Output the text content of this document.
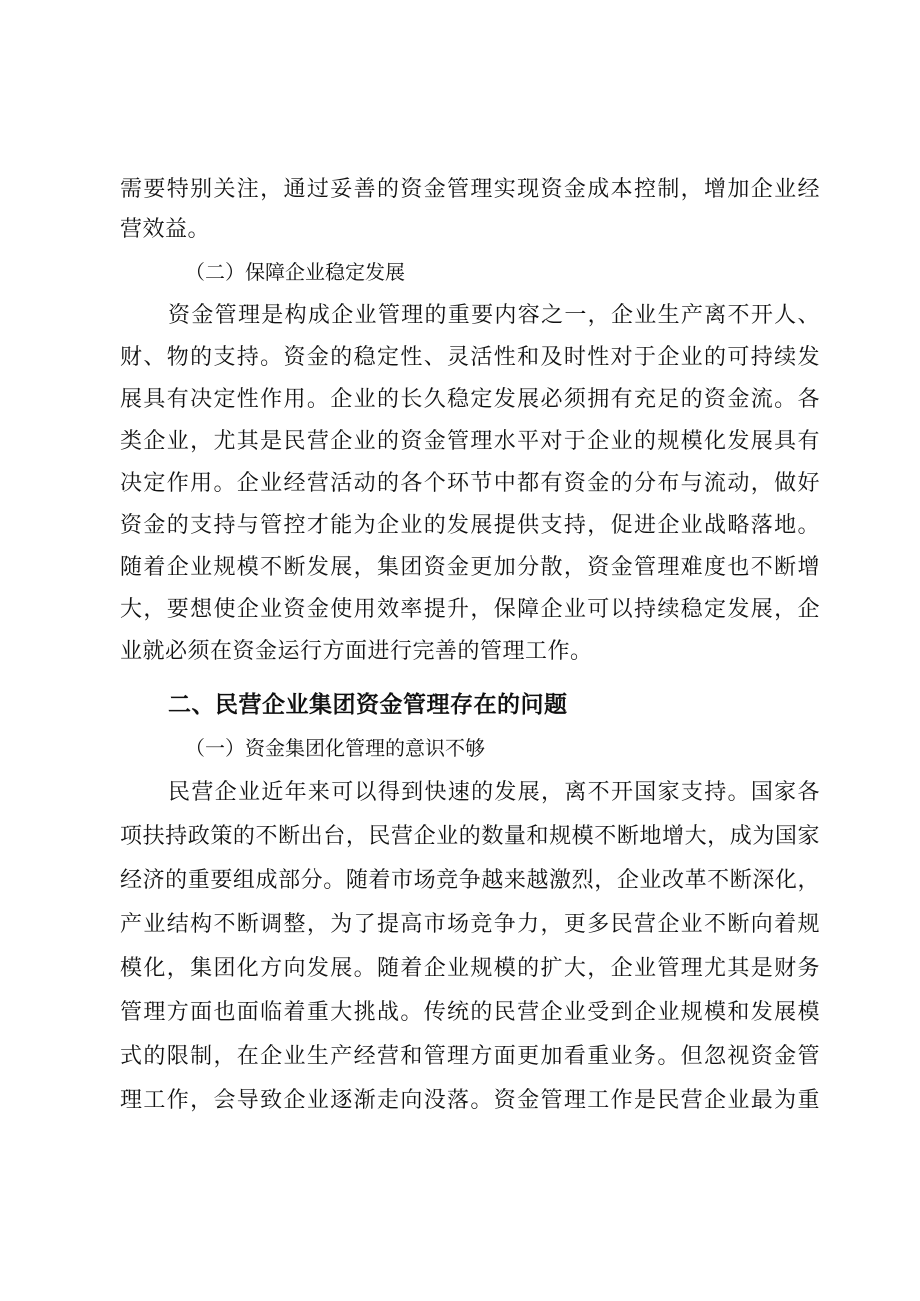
需要特别关注，通过妥善的资金管理实现资金成本控制，增加企业经
营效益。
（二）保障企业稳定发展
资金管理是构成企业管理的重要内容之一，企业生产离不开人、
财、物的支持。资金的稳定性、灵活性和及时性对于企业的可持续发
展具有决定性作用。企业的长久稳定发展必须拥有充足的资金流。各
类企业，尤其是民营企业的资金管理水平对于企业的规模化发展具有
决定作用。企业经营活动的各个环节中都有资金的分布与流动，做好
资金的支持与管控才能为企业的发展提供支持，促进企业战略落地。
随着企业规模不断发展，集团资金更加分散，资金管理难度也不断增
大，要想使企业资金使用效率提升，保障企业可以持续稳定发展，企
业就必须在资金运行方面进行完善的管理工作。
二、民营企业集团资金管理存在的问题
（一）资金集团化管理的意识不够
民营企业近年来可以得到快速的发展，离不开国家支持。国家各
项扶持政策的不断出台，民营企业的数量和规模不断地增大，成为国家
经济的重要组成部分。随着市场竞争越来越激烈，企业改革不断深化，
产业结构不断调整，为了提高市场竞争力，更多民营企业不断向着规
模化，集团化方向发展。随着企业规模的扩大，企业管理尤其是财务
管理方面也面临着重大挑战。传统的民营企业受到企业规模和发展模
式的限制，在企业生产经营和管理方面更加看重业务。但忽视资金管
理工作，会导致企业逐渐走向没落。资金管理工作是民营企业最为重
